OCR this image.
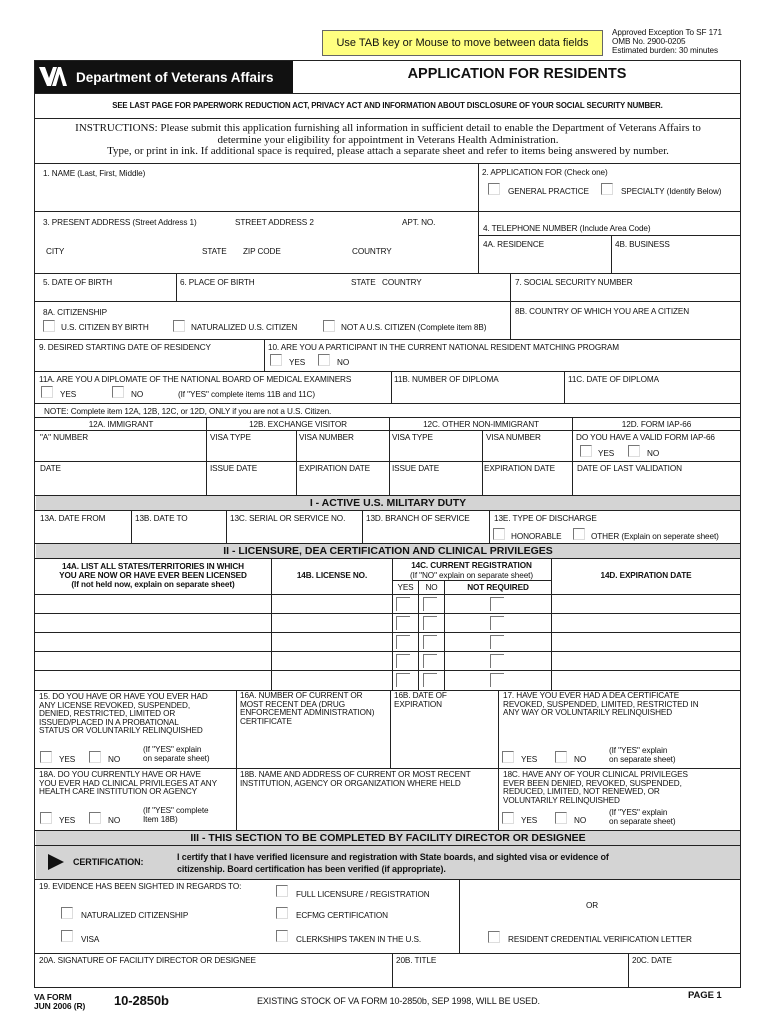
Use TAB key or Mouse to move between data fields
Approved Exception To SF 171
OMB No. 2900-0205
Estimated burden: 30 minutes
Department of Veterans Affairs	APPLICATION FOR RESIDENTS
SEE LAST PAGE FOR PAPERWORK REDUCTION ACT, PRIVACY ACT AND INFORMATION ABOUT DISCLOSURE OF YOUR SOCIAL SECURITY NUMBER.
INSTRUCTIONS: Please submit this application furnishing all information in sufficient detail to enable the Department of Veterans Affairs to
determine your eligibility for appointment in Veterans Health Administration.
Type, or print in ink. If additional space is required, please attach a separate sheet and refer to items being answered by number.
1. NAME (Last, First, Middle)	2. APPLICATION FOR (Check one)
GENERAL PRACTICE	SPECIALTY (Identify Below)
3. PRESENT ADDRESS (Street Address 1)	STREET ADDRESS 2	APT. NO.
CITY	STATE ZIP CODE	COUNTRY
4. TELEPHONE NUMBER (Include Area Code)
4A. RESIDENCE	4B. BUSINESS
5. DATE OF BIRTH	6. PLACE OF BIRTH	STATE COUNTRY	7. SOCIAL SECURITY NUMBER
8A. CITIZENSHIP
U.S. CITIZEN BY BIRTH	NATURALIZED U.S. CITIZEN	NOT A U.S. CITIZEN (Complete item 8B)
8B. COUNTRY OF WHICH YOU ARE A CITIZEN
9. DESIRED STARTING DATE OF RESIDENCY	10. ARE YOU A PARTICIPANT IN THE CURRENT NATIONAL RESIDENT MATCHING PROGRAM
YES	NO
11A. ARE YOU A DIPLOMATE OF THE NATIONAL BOARD OF MEDICAL EXAMINERS
YES	NO	(If "YES" complete items 11B and 11C)
11B. NUMBER OF DIPLOMA	11C. DATE OF DIPLOMA
NOTE: Complete item 12A, 12B, 12C, or 12D, ONLY if you are not a U.S. Citizen.
12A. IMMIGRANT	12B. EXCHANGE VISITOR	12C. OTHER NON-IMMIGRANT	12D. FORM IAP-66
"A" NUMBER	VISA TYPE	VISA NUMBER	VISA TYPE	VISA NUMBER	DO YOU HAVE A VALID FORM IAP-66
YES	NO
DATE	ISSUE DATE	EXPIRATION DATE	ISSUE DATE	EXPIRATION DATE	DATE OF LAST VALIDATION
I - ACTIVE U.S. MILITARY DUTY
13A. DATE FROM	13B. DATE TO	13C. SERIAL OR SERVICE NO.	13D. BRANCH OF SERVICE	13E. TYPE OF DISCHARGE
HONORABLE	OTHER (Explain on seperate sheet)
II - LICENSURE, DEA CERTIFICATION AND CLINICAL PRIVILEGES
14A. LIST ALL STATES/TERRITORIES IN WHICH
YOU ARE NOW OR HAVE EVER BEEN LICENSED
(If not held now, explain on separate sheet)
14B. LICENSE NO.
14C. CURRENT REGISTRATION
(If "NO" explain on separate sheet)	14D. EXPIRATION DATE
YES	NO	NOT REQUIRED
15. DO YOU HAVE OR HAVE YOU EVER HAD
ANY LICENSE REVOKED, SUSPENDED,
DENIED, RESTRICTED, LIMITED OR
ISSUED/PLACED IN A PROBATIONAL
STATUS OR VOLUNTARILY RELINQUISHED
(If "YES" explain
on separate sheet)
YES	NO
16A. NUMBER OF CURRENT OR
MOST RECENT DEA (DRUG
ENFORCEMENT ADMINISTRATION)
CERTIFICATE
16B. DATE OF
EXPIRATION
17. HAVE YOU EVER HAD A DEA CERTIFICATE
REVOKED, SUSPENDED, LIMITED, RESTRICTED IN
ANY WAY OR VOLUNTARILY RELINQUISHED
YES	NO
(If "YES" explain
on separate sheet)
18A. DO YOU CURRENTLY HAVE OR HAVE
YOU EVER HAD CLINICAL PRIVILEGES AT ANY
HEALTH CARE INSTITUTION OR AGENCY
(If "YES" complete
Item 18B)
YES	NO
18B. NAME AND ADDRESS OF CURRENT OR MOST RECENT
INSTITUTION, AGENCY OR ORGANIZATION WHERE HELD
18C. HAVE ANY OF YOUR CLINICAL PRIVILEGES
EVER BEEN DENIED, REVOKED, SUSPENDED,
REDUCED, LIMITED, NOT RENEWED, OR
VOLUNTARILY RELINQUISHED
YES	NO
(If "YES" explain
on separate sheet)
III - THIS SECTION TO BE COMPLETED BY FACILITY DIRECTOR OR DESIGNEE
CERTIFICATION:	I certify that I have verified licensure and registration with State boards, and sighted visa or evidence of
citizenship. Board certification has been verified (if appropriate).
19. EVIDENCE HAS BEEN SIGHTED IN REGARDS TO:
FULL LICENSURE / REGISTRATION
NATURALIZED CITIZENSHIP	ECFMG CERTIFICATION
OR
VISA	CLERKSHIPS TAKEN IN THE U.S.	RESIDENT CREDENTIAL VERIFICATION LETTER
20A. SIGNATURE OF FACILITY DIRECTOR OR DESIGNEE	20B. TITLE	20C. DATE
VA FORM
JUN 2006 (R) 10-2850b	EXISTING STOCK OF VA FORM 10-2850b, SEP 1998, WILL BE USED.	PAGE 1
